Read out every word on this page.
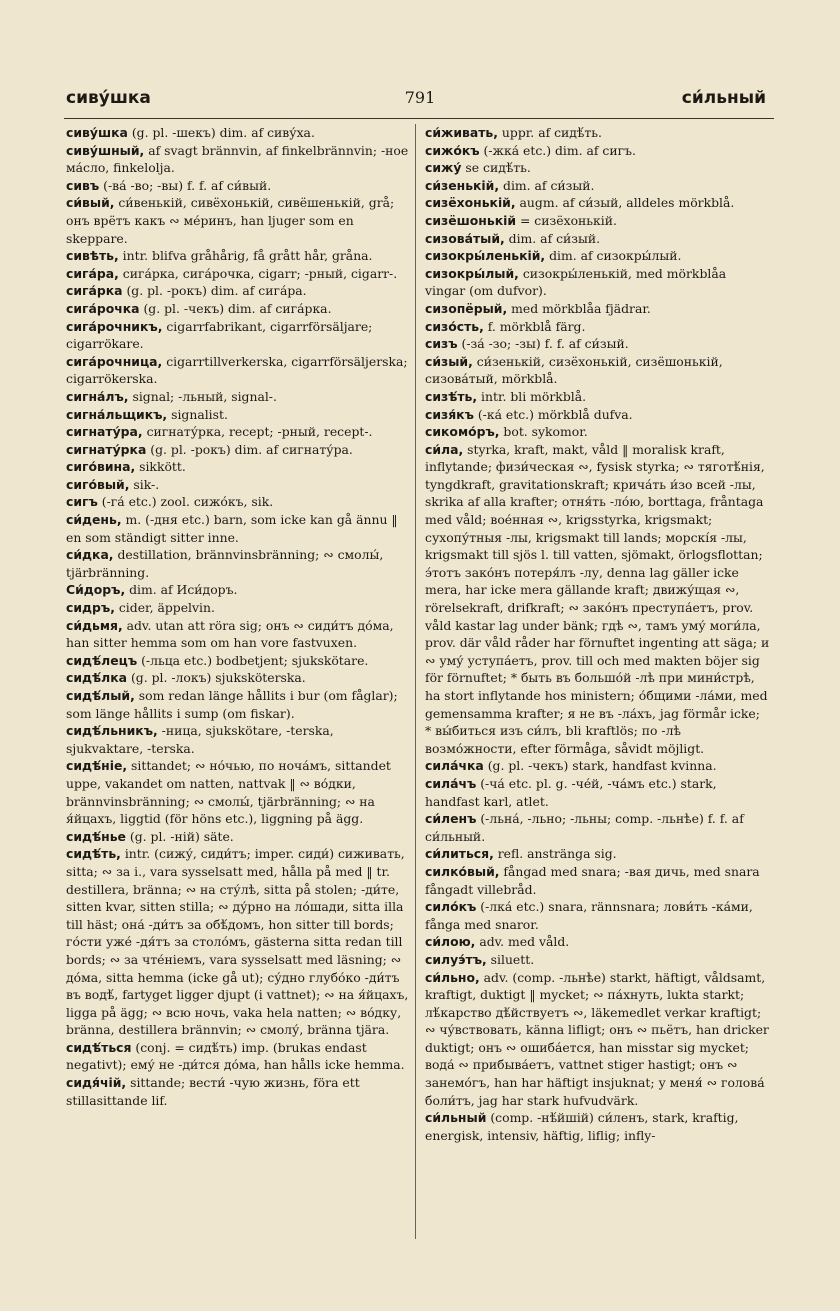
сиву́шка	791	си́льный

сиву́шка (g. pl. -шекъ) dim. af сиву́ха.

сиву́шный, af svagt brännvin, af finkelbrännvin; -ное ма́сло, finkelolja.

сивъ (-ва́ -во; -вы) f. f. af си́вый.

си́вый, си́венькій, сивёхонькій, сивёшенькій, grå; онъ врётъ какъ ∾ ме́ринъ, han ljuger som en skeppare.

сивѣть, intr. blifva gråhårig, få grått hår, gråna.

сига́ра, сига́рка, сига́рочка, cigarr; -рный, cigarr-.

сига́рка (g. pl. -рокъ) dim. af сига́ра.

сига́рочка (g. pl. -чекъ) dim. af сига́рка.

сига́рочникъ, cigarrfabrikant, cigarrförsäljare; cigarrökare.

сига́рочница, cigarrtillverkerska, cigarrförsäljerska; cigarrökerska.

сигна́лъ, signal; -льный, signal-.

сигна́льщикъ, signalist.

сигнату́ра, сигнату́рка, recept; -рный, recept-.

сигнату́рка (g. pl. -рокъ) dim. af сигнату́ра.

сиго́вина, sikkött.

сиго́вый, sik-.

сигъ (-га́ etc.) zool. сижо́къ, sik.

си́день, m. (-дня etc.) barn, som icke kan gå ännu ‖ en som ständigt sitter inne.

си́дка, destillation, brännvinsbränning; ∾ смолы́, tjärbränning.

Си́доръ, dim. af Иси́доръ.

сидръ, cider, äppelvin.

си́дьмя, adv. utan att röra sig; онъ ∾ сиди́тъ до́ма, han sitter hemma som om han vore fastvuxen.

сидѣ́лецъ (-льца etc.) bodbetjent; sjukskötare.

сидѣ́лка (g. pl. -локъ) sjuksköterska.

сидѣ́лый, som redan länge hållits i bur (om fåglar); som länge hållits i sump (om fiskar).

сидѣ́льникъ, -ница, sjukskötare, -terska, sjukvaktare, -terska.

сидѣ́ніе, sittandet; ∾ но́чью, по ноча́мъ, sittandet uppe, vakandet om natten, nattvak ‖ ∾ во́дки, brännvinsbränning; ∾ смолы́, tjärbränning; ∾ на я́йцахъ, liggtid (för höns etc.), liggning på ägg.

сидѣ́нье (g. pl. -ній) säte.

сидѣ́ть, intr. (сижу́, сиди́тъ; imper. сиди́) сиживать, sitta; ∾ за i., vara sysselsatt med, hålla på med ‖ tr. destillera, bränna; ∾ на сту́лѣ, sitta på stolen; -ди́те, sitten kvar, sitten stilla; ∾ ду́рно на ло́шади, sitta illa till häst; она́ -ди́тъ за обѣ́домъ, hon sitter till bords; го́сти уже́ -дя́тъ за столо́мъ, gästerna sitta redan till bords; ∾ за чте́ніемъ, vara sysselsatt med läsning; ∾ до́ма, sitta hemma (icke gå ut); су́дно глубо́ко -ди́тъ въ водѣ́, fartyget ligger djupt (i vattnet); ∾ на я́йцахъ, ligga på ägg; ∾ всю ночь, vaka hela natten; ∾ во́дку, bränna, destillera brännvin; ∾ смолу́, bränna tjära.

сидѣ́ться (conj. = сидѣ́ть) imp. (brukas endast negativt); ему́ не -ди́тся до́ма, han hålls icke hemma.

сидя́чій, sittande; вести́ -чую жизнь, föra ett stillasittande lif.

си́живать, uppr. af сидѣ́ть.

сижо́къ (-жка́ etc.) dim. af сигъ.

сижу́ se сидѣ́ть.

си́зенькій, dim. af си́зый.

сизёхонькій, augm. af си́зый, alldeles mörkblå.

сизёшонькій = сизёхонькій.

сизова́тый, dim. af си́зый.

сизокры́ленькій, dim. af сизокры́лый.

сизокры́лый, сизокры́ленькій, med mörkblåa vingar (om dufvor).

сизопёрый, med mörkblåa fjädrar.

сизо́сть, f. mörkblå färg.

сизъ (-за́ -зо; -зы) f. f. af си́зый.

си́зый, си́зенькій, сизёхонькій, сизёшонькій, сизова́тый, mörkblå.

сизѣ́ть, intr. bli mörkblå.

сизя́къ (-ка́ etc.) mörkblå dufva.

сикомо́ръ, bot. sykomor.

си́ла, styrka, kraft, makt, våld ‖ moralisk kraft, inflytande; физи́ческая ∾, fysisk styrka; ∾ тяготѣ́нія, tyngdkraft, gravitationskraft; крича́ть и́зо всей -лы, skrika af alla krafter; отня́ть -ло́ю, borttaga, fråntaga med våld; вое́нная ∾, krigsstyrka, krigsmakt; сухопу́тныя -лы, krigsmakt till lands; морскі́я -лы, krigsmakt till sjös l. till vatten, sjömakt, örlogsflottan; э́тотъ зако́нъ потеря́лъ -лу, denna lag gäller icke mera, har icke mera gällande kraft; движу́щая ∾, rörelsekraft, drifkraft; ∾ зако́нъ преступа́етъ, prov. våld kastar lag under bänk; гдѣ ∾, тамъ уму́ моги́ла, prov. där våld råder har förnuftet ingenting att säga; и ∾ уму́ уступа́етъ, prov. till och med makten böjer sig för förnuftet; * быть въ большо́й -лѣ при мини́стрѣ, ha stort inflytande hos ministern; о́бщими -ла́ми, med gemensamma krafter; я не въ -ла́хъ, jag förmår icke; * вы́биться изъ си́лъ, bli kraftlös; по -лѣ возмо́жности, efter förmåga, såvidt möjligt.

сила́чка (g. pl. -чекъ) stark, handfast kvinna.

сила́чъ (-ча́ etc. pl. g. -че́й, -ча́мъ etc.) stark, handfast karl, atlet.

си́ленъ (-льна́, -льно; -льны; comp. -льнѣе) f. f. af си́льный.

си́литься, refl. anstränga sig.

силко́вый, fångad med snara; -вая дичь, med snara fångadt villebråd.

сило́къ (-лка́ etc.) snara, rännsnara; лови́ть -ка́ми, fånga med snaror.

си́лою, adv. med våld.

силуэ́тъ, siluett.

си́льно, adv. (comp. -льнѣе) starkt, häftigt, våldsamt, kraftigt, duktigt ‖ mycket; ∾ па́хнуть, lukta starkt; лѣ́карство дѣ́йствуетъ ∾, läkemedlet verkar kraftigt; ∾ чу́вствовать, känna lifligt; онъ ∾ пьётъ, han dricker duktigt; онъ ∾ ошиба́ется, han misstar sig mycket; вода́ ∾ прибыва́етъ, vattnet stiger hastigt; онъ ∾ занемо́гъ, han har häftigt insjuknat; у меня́ ∾ голова́ боли́тъ, jag har stark hufvudvärk.

си́льный (comp. -нѣ́йшій) си́ленъ, stark, kraftig, energisk, intensiv, häftig, liflig; infly-
